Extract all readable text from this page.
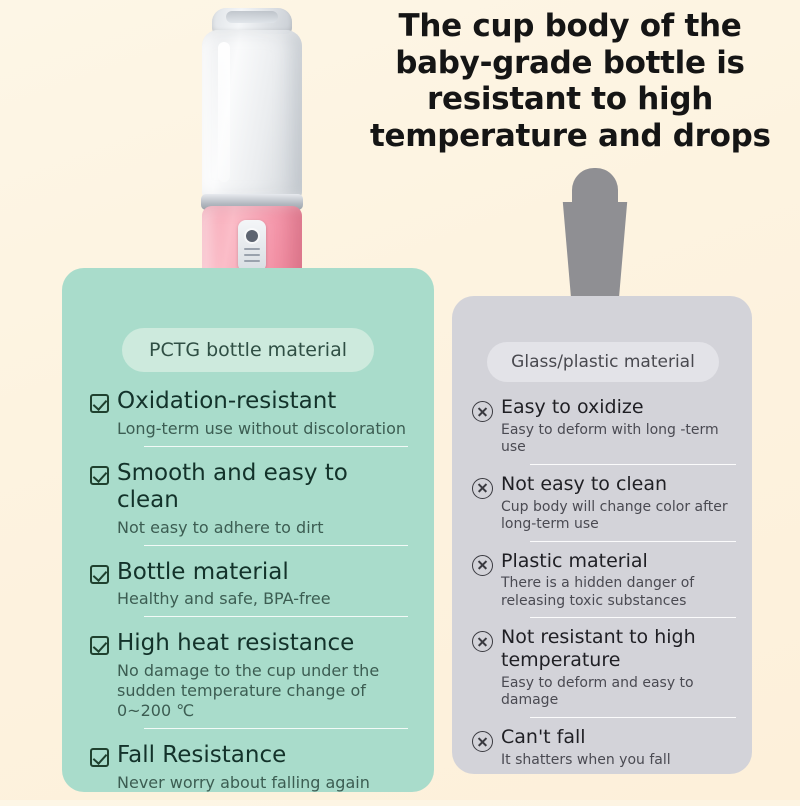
The cup body of the
baby-grade bottle is
resistant to high
temperature and drops
PCTG bottle material
Oxidation-resistant
Long-term use without discoloration
Smooth and easy to clean
Not easy to adhere to dirt
Bottle material
Healthy and safe, BPA-free
High heat resistance
No damage to the cup under the sudden temperature change of 0~200 ℃
Fall Resistance
Never worry about falling again
Glass/plastic material
Easy to oxidize
Easy to deform with long -term use
Not easy to clean
Cup body will change color after long-term use
Plastic material
There is a hidden danger of releasing toxic substances
Not resistant to high temperature
Easy to deform and easy to damage
Can't fall
It shatters when you fall
